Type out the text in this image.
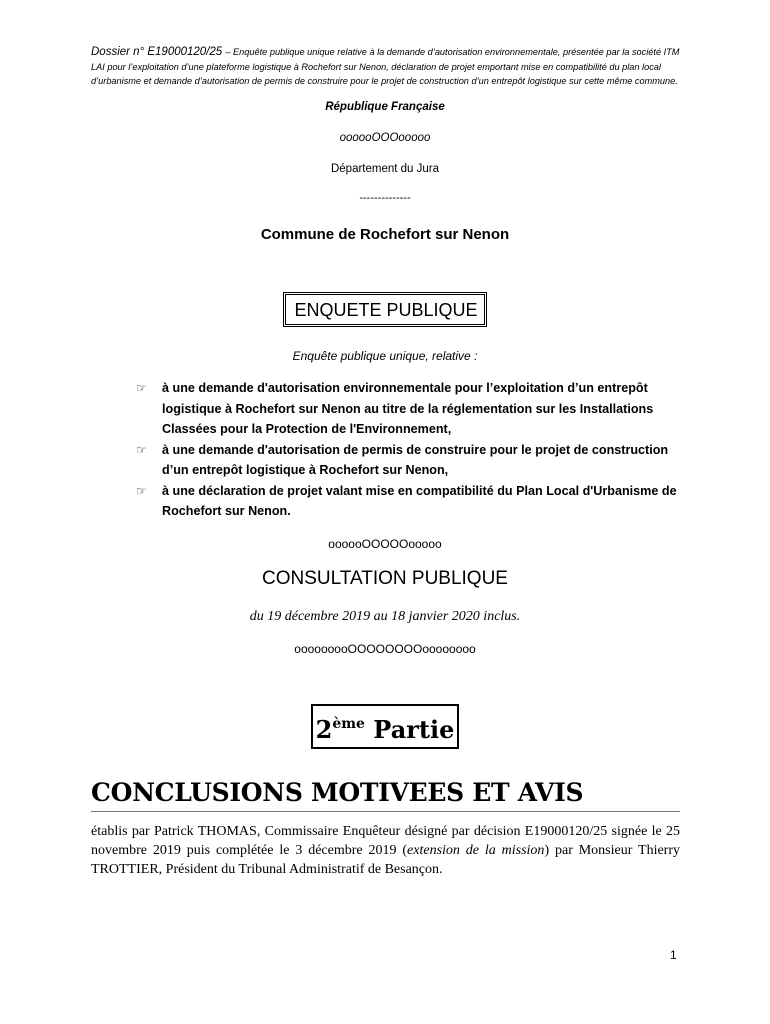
Dossier n° E19000120/25 – Enquête publique unique relative à la demande d’autorisation environnementale, présentée par la société ITM LAI pour l’exploitation d’une plateforme logistique à Rochefort sur Nenon, déclaration de projet emportant mise en compatibilité du plan local d’urbanisme et demande d’autorisation de permis de construire pour le projet de construction d’un entrepôt logistique sur cette même commune.
République Française
oooooOOOooooo
Département du Jura
--------------
Commune de Rochefort sur Nenon
ENQUETE PUBLIQUE
Enquête publique unique, relative :
☞ à une demande d'autorisation environnementale pour l’exploitation d’un entrepôt logistique à Rochefort sur Nenon au titre de la réglementation sur les Installations Classées pour la Protection de l'Environnement,
☞ à une demande d'autorisation de permis de construire pour le projet de construction d’un entrepôt logistique à Rochefort sur Nenon,
☞ à une déclaration de projet valant mise en compatibilité du Plan Local d'Urbanisme de Rochefort sur Nenon.
oooooOOOOOooooo
CONSULTATION PUBLIQUE
du 19 décembre 2019 au 18 janvier 2020 inclus.
ooooooooOOOOOOOOoooooooo
2ème Partie
CONCLUSIONS MOTIVEES ET AVIS
établis par Patrick THOMAS, Commissaire Enquêteur désigné par décision E19000120/25 signée le 25 novembre 2019 puis complétée le 3 décembre 2019 (extension de la mission) par Monsieur Thierry TROTTIER, Président du Tribunal Administratif de Besançon.
1
